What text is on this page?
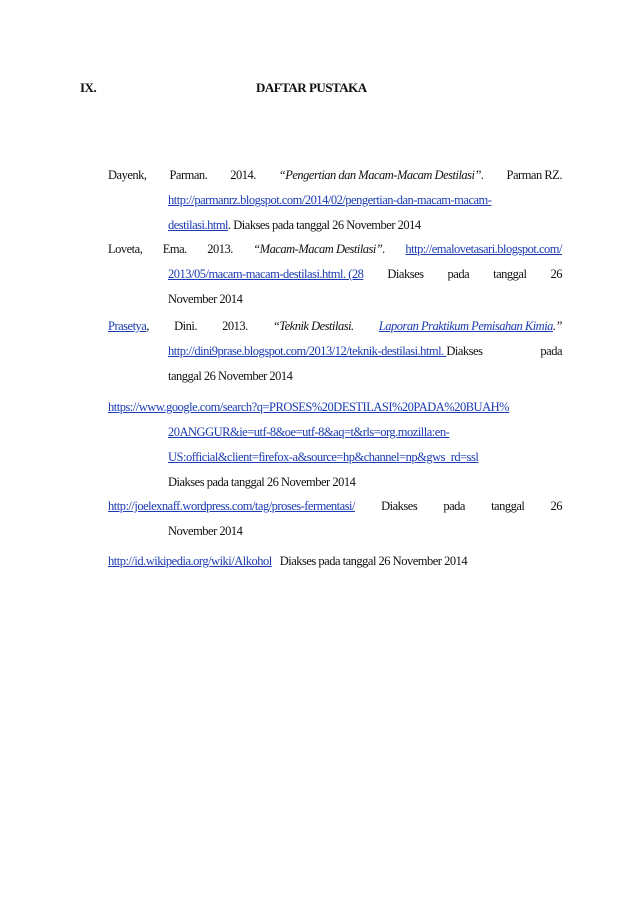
IX.	DAFTAR PUSTAKA
Dayenk, Parman. 2014. “Pengertian dan Macam-Macam Destilasi”. Parman RZ.
http://parmanrz.blogspot.com/2014/02/pengertian-dan-macam-macam-
destilasi.html. Diakses pada tanggal 26 November 2014
Loveta, Ema. 2013. “Macam-Macam Destilasi”. http://emalovetasari.blogspot.com/
2013/05/macam-macam-destilasi.html. (28 Diakses pada tanggal 26
November 2014
Prasetya, Dini. 2013. “Teknik Destilasi. Laporan Praktikum Pemisahan Kimia.”
http://dini9prase.blogspot.com/2013/12/teknik-destilasi.html. Diakses	pada
tanggal 26 November 2014
https://www.google.com/search?q=PROSES%20DESTILASI%20PADA%20BUAH%
20ANGGUR&ie=utf-8&oe=utf-8&aq=t&rls=org.mozilla:en-
US:official&client=firefox-a&source=hp&channel=np&gws_rd=ssl
Diakses pada tanggal 26 November 2014
http://joelexnaff.wordpress.com/tag/proses-fermentasi/ Diakses pada tanggal 26
November 2014
http://id.wikipedia.org/wiki/Alkohol Diakses pada tanggal 26 November 2014
